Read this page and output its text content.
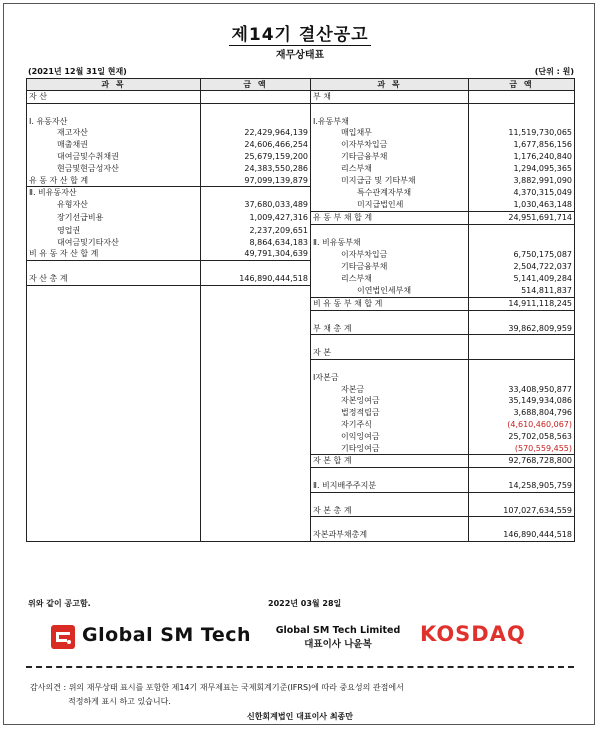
제14기 결산공고
재무상태표
(2021년 12월 31일 현재)	(단위 : 원)
과 목	금 액	과 목	금 액
자 산		부 채	

Ⅰ. 유동자산		Ⅰ.유동부채	
재고자산	22,429,964,139	매입채무	11,519,730,065
매출채권	24,606,466,254	이자부차입금	1,677,856,156
대여금및수취채권	25,679,159,200	기타금융부채	1,176,240,840
현금및현금성자산	24,383,550,286	리스부채	1,294,095,365
유 동 자 산 합 계	97,099,139,879	미지급금 및 기타부채	3,882,991,090
Ⅱ. 비유동자산		특수관계자부채	4,370,315,049
유형자산	37,680,033,489	미지급법인세	1,030,463,148
장기선급비용	1,009,427,316	유 동 부 채 합 계	24,951,691,714
영업권	2,237,209,651		
대여금및기타자산	8,864,634,183	Ⅱ. 비유동부채	
비 유 동 자 산 합 계	49,791,304,639	이자부차입금	6,750,175,087
		기타금융부채	2,504,722,037
자 산 총 계	146,890,444,518	리스부채	5,141,409,284
		이연법인세부채	514,811,837
		비 유 동 부 채 합 계	14,911,118,245

		부 채 총 계	39,862,809,959

		자 본	

		Ⅰ자본금	
		자본금	33,408,950,877
		자본잉여금	35,149,934,086
		법정적립금	3,688,804,796
		자기주식	(4,610,460,067)
		이익잉여금	25,702,058,563
		기타잉여금	(570,559,455)
		자 본 합 계	92,768,728,800

		Ⅱ. 비지배주주지분	14,258,905,759

		자 본 총 계	107,027,634,559

		자본과부채총계	146,890,444,518
위와 같이 공고함.	2022년 03월 28일
Global SM Tech	Global SM Tech Limited
대표이사 나윤복	KOSDAQ
감사의견 : 위의 재무상태 표시를 포함한 제14기 재무제표는 국제회계기준(IFRS)에 따라 중요성의 관점에서
적정하게 표시 하고 있습니다.
신한회계법인 대표이사 최종만
